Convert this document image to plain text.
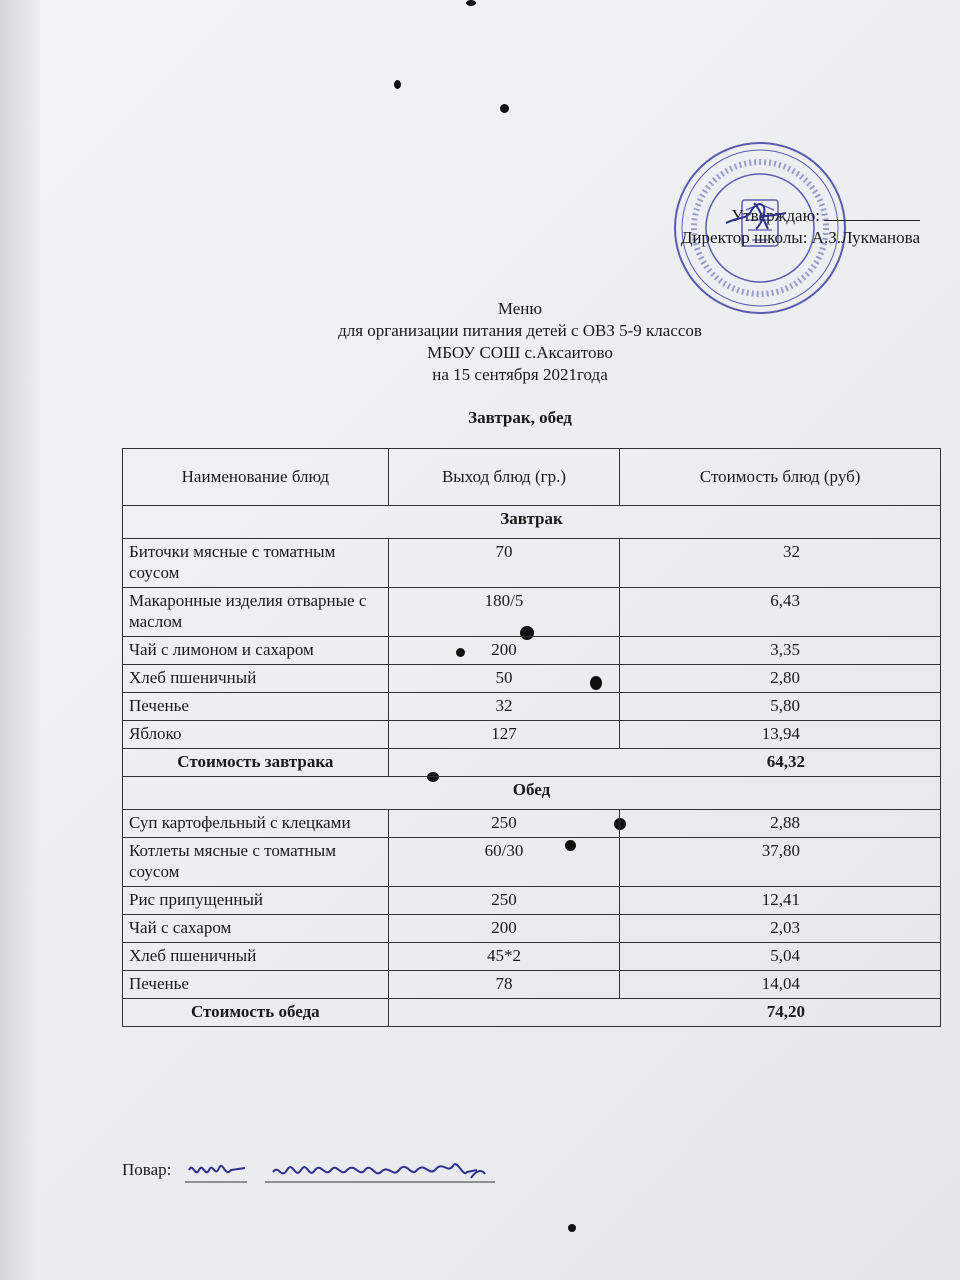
Утверждаю:
Директор школы: А.З.Лукманова
Меню
для организации питания детей с ОВЗ 5-9 классов
МБОУ СОШ с.Аксаитово
на 15 сентября 2021года
Завтрак, обед
Наименование блюд	Выход блюд (гр.)	Стоимость блюд (руб)
Завтрак		
Биточки мясные с томатным соусом	70	32
Макаронные изделия отварные с маслом	180/5	6,43
Чай с лимоном и сахаром	200	3,35
Хлеб пшеничный	50	2,80
Печенье	32	5,80
Яблоко	127	13,94
Стоимость завтрака	64,32	
Обед		
Суп картофельный с клецками	250	2,88
Котлеты мясные с томатным соусом	60/30	37,80
Рис припущенный	250	12,41
Чай с сахаром	200	2,03
Хлеб пшеничный	45*2	5,04
Печенье	78	14,04
Стоимость обеда	74,20	
Повар:
